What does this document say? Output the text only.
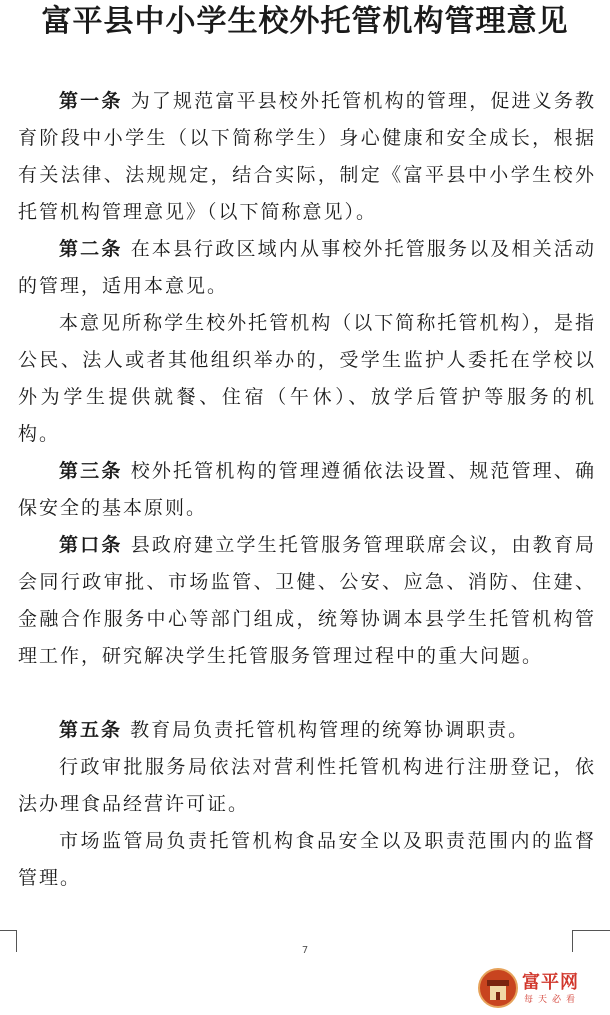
富平县中小学生校外托管机构管理意见

第一条 为了规范富平县校外托管机构的管理，促进义务教育阶段中小学生（以下简称学生）身心健康和安全成长，根据有关法律、法规规定，结合实际，制定《富平县中小学生校外托管机构管理意见》（以下简称意见）。

第二条 在本县行政区域内从事校外托管服务以及相关活动的管理，适用本意见。

本意见所称学生校外托管机构（以下简称托管机构），是指公民、法人或者其他组织举办的，受学生监护人委托在学校以外为学生提供就餐、住宿（午休）、放学后管护等服务的机构。

第三条 校外托管机构的管理遵循依法设置、规范管理、确保安全的基本原则。

第口条 县政府建立学生托管服务管理联席会议，由教育局会同行政审批、市场监管、卫健、公安、应急、消防、住建、金融合作服务中心等部门组成，统筹协调本县学生托管机构管理工作，研究解决学生托管服务管理过程中的重大问题。

第五条 教育局负责托管机构管理的统筹协调职责。

行政审批服务局依法对营利性托管机构进行注册登记，依法办理食品经营许可证。

市场监管局负责托管机构食品安全以及职责范围内的监督管理。

7
富平网
每天必看
